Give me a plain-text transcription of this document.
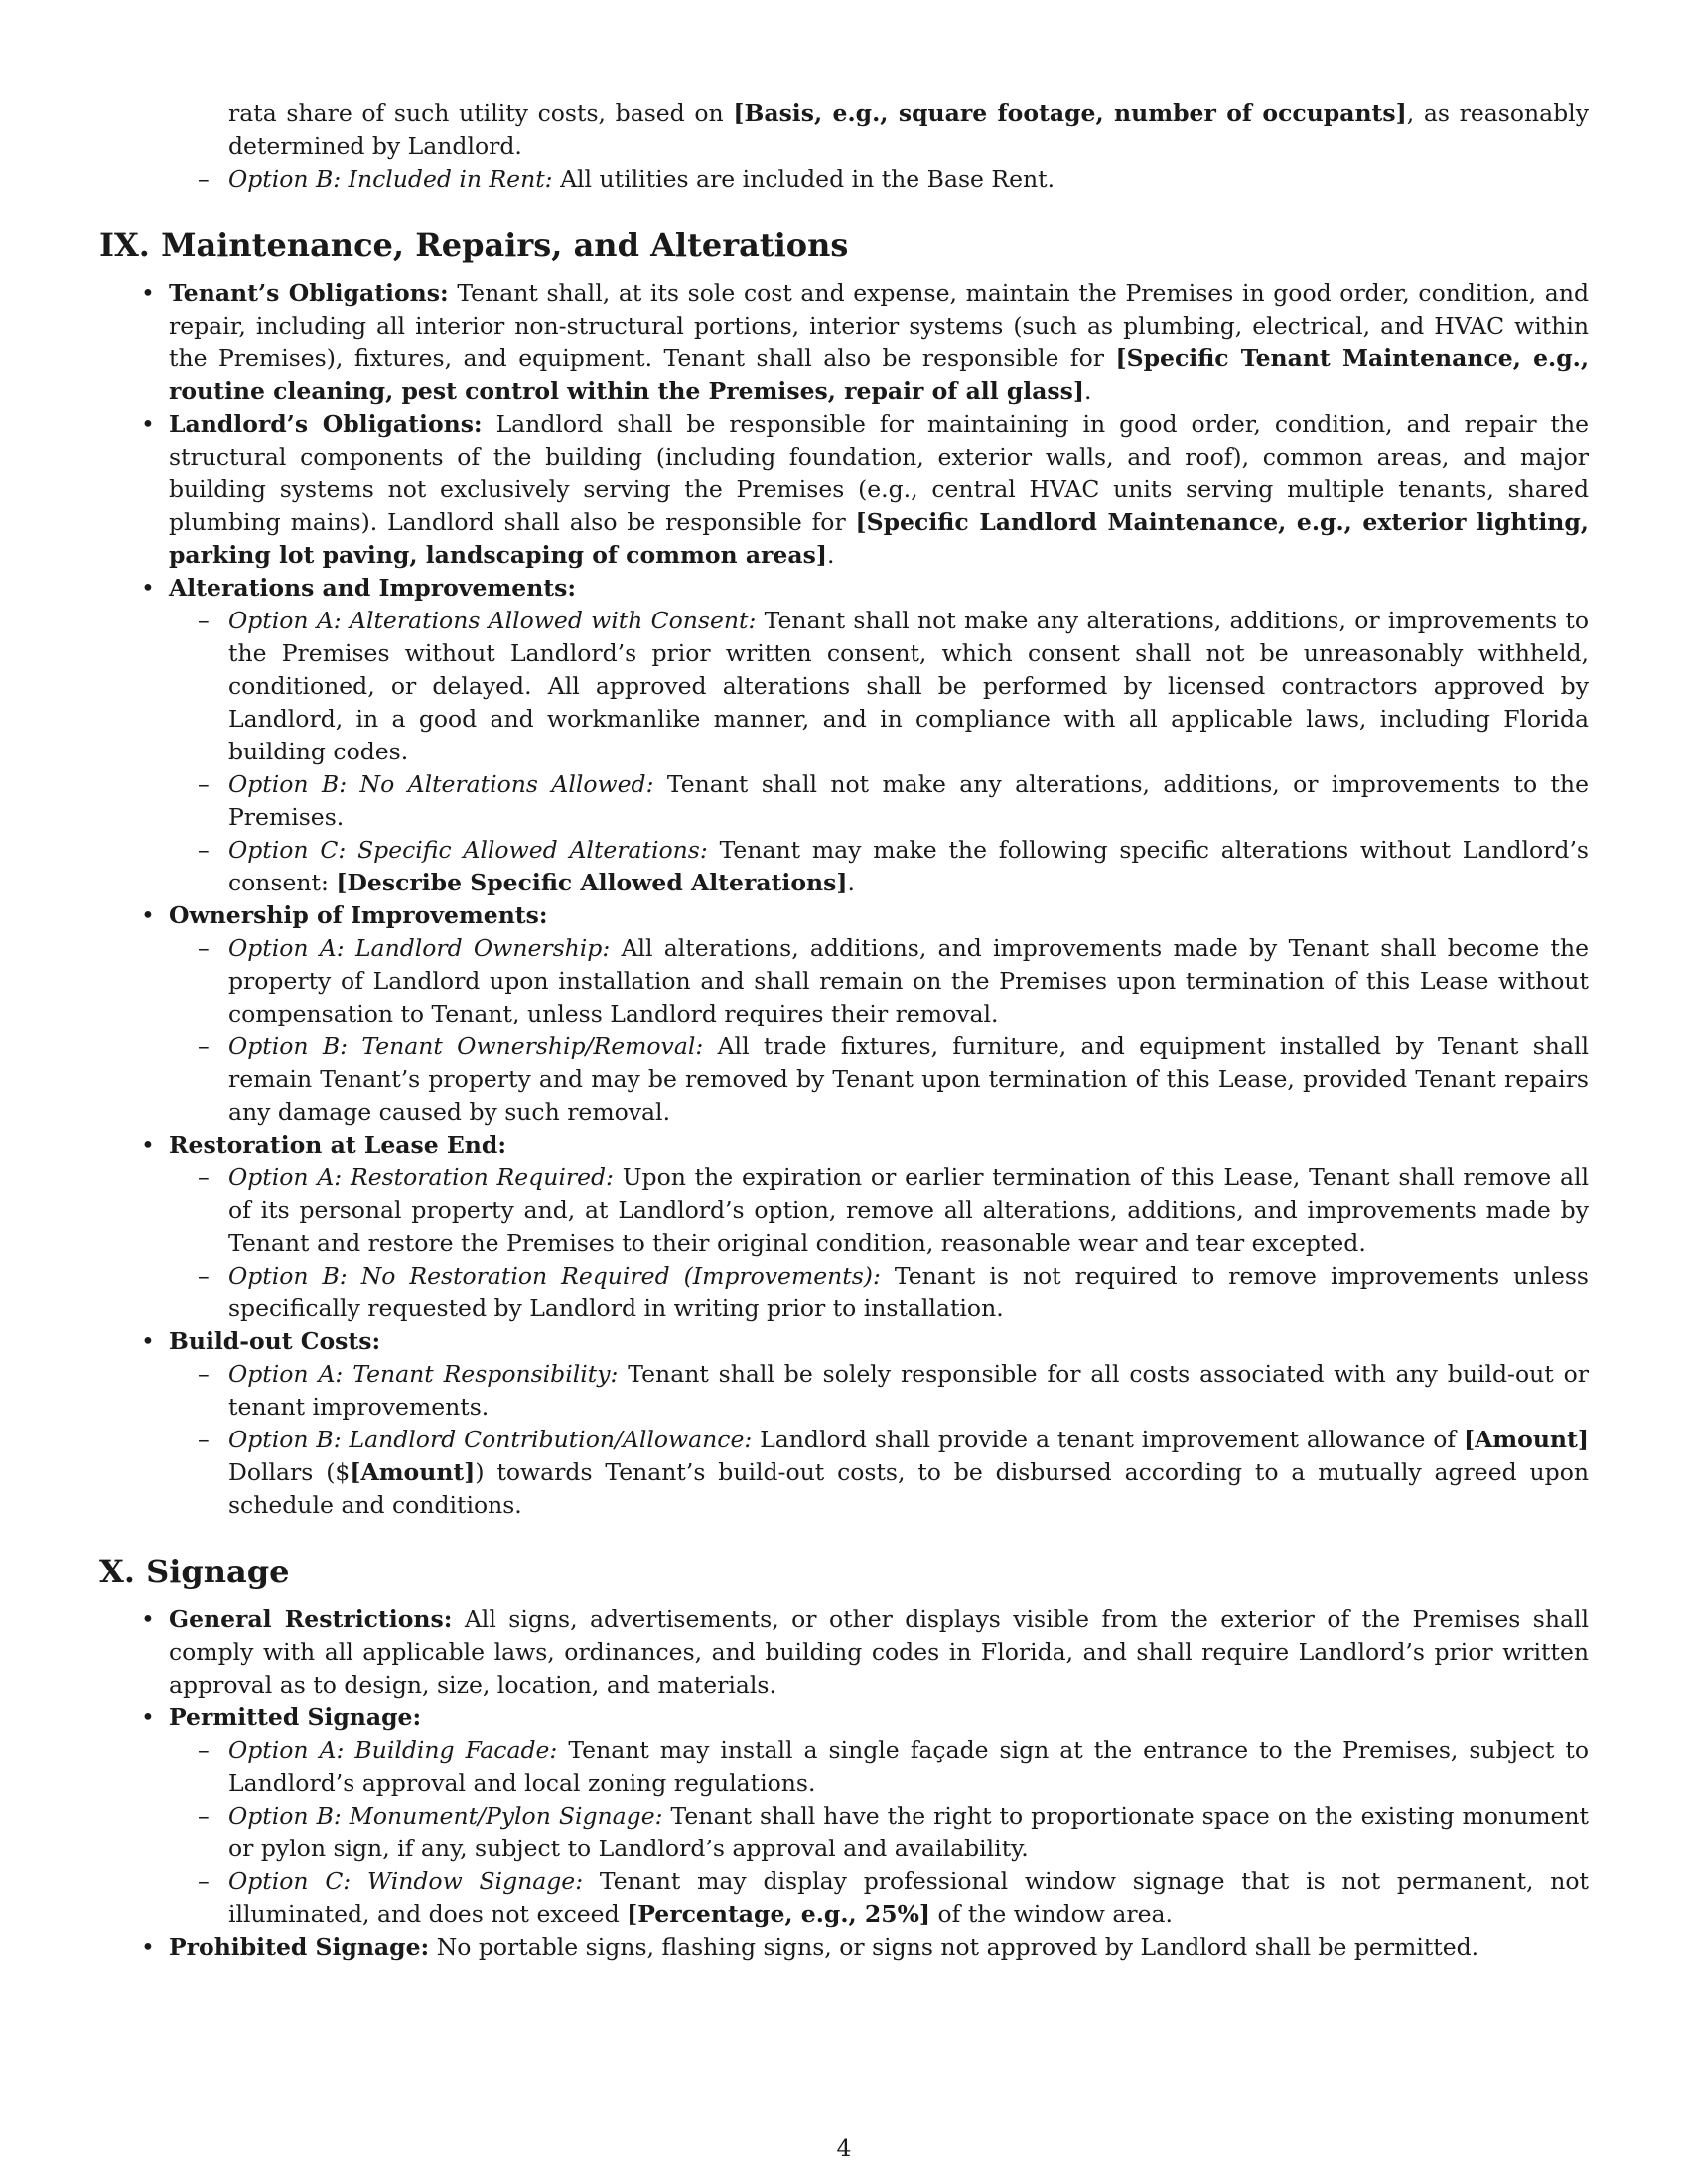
rata share of such utility costs, based on [Basis, e.g., square footage, number of occupants], as reasonably determined by Landlord.

– Option B: Included in Rent: All utilities are included in the Base Rent.

IX. Maintenance, Repairs, and Alterations

• Tenant’s Obligations: Tenant shall, at its sole cost and expense, maintain the Premises in good order, condition, and repair, including all interior non-structural portions, interior systems (such as plumbing, electrical, and HVAC within the Premises), fixtures, and equipment. Tenant shall also be responsible for [Specific Tenant Maintenance, e.g., routine cleaning, pest control within the Premises, repair of all glass].

• Landlord’s Obligations: Landlord shall be responsible for maintaining in good order, condition, and repair the structural components of the building (including foundation, exterior walls, and roof), common areas, and major building systems not exclusively serving the Premises (e.g., central HVAC units serving multiple tenants, shared plumbing mains). Landlord shall also be responsible for [Specific Landlord Maintenance, e.g., exterior lighting, parking lot paving, landscaping of common areas].

• Alterations and Improvements:

– Option A: Alterations Allowed with Consent: Tenant shall not make any alterations, additions, or improvements to the Premises without Landlord’s prior written consent, which consent shall not be unreasonably withheld, conditioned, or delayed. All approved alterations shall be performed by licensed contractors approved by Landlord, in a good and workmanlike manner, and in compliance with all applicable laws, including Florida building codes.

– Option B: No Alterations Allowed: Tenant shall not make any alterations, additions, or improvements to the Premises.

– Option C: Specific Allowed Alterations: Tenant may make the following specific alterations without Landlord’s consent: [Describe Specific Allowed Alterations].

• Ownership of Improvements:

– Option A: Landlord Ownership: All alterations, additions, and improvements made by Tenant shall become the property of Landlord upon installation and shall remain on the Premises upon termination of this Lease without compensation to Tenant, unless Landlord requires their removal.

– Option B: Tenant Ownership/Removal: All trade fixtures, furniture, and equipment installed by Tenant shall remain Tenant’s property and may be removed by Tenant upon termination of this Lease, provided Tenant repairs any damage caused by such removal.

• Restoration at Lease End:

– Option A: Restoration Required: Upon the expiration or earlier termination of this Lease, Tenant shall remove all of its personal property and, at Landlord’s option, remove all alterations, additions, and improvements made by Tenant and restore the Premises to their original condition, reasonable wear and tear excepted.

– Option B: No Restoration Required (Improvements): Tenant is not required to remove improvements unless specifically requested by Landlord in writing prior to installation.

• Build-out Costs:

– Option A: Tenant Responsibility: Tenant shall be solely responsible for all costs associated with any build-out or tenant improvements.

– Option B: Landlord Contribution/Allowance: Landlord shall provide a tenant improvement allowance of [Amount] Dollars ($[Amount]) towards Tenant’s build-out costs, to be disbursed according to a mutually agreed upon schedule and conditions.

X. Signage

• General Restrictions: All signs, advertisements, or other displays visible from the exterior of the Premises shall comply with all applicable laws, ordinances, and building codes in Florida, and shall require Landlord’s prior written approval as to design, size, location, and materials.

• Permitted Signage:

– Option A: Building Facade: Tenant may install a single façade sign at the entrance to the Premises, subject to Landlord’s approval and local zoning regulations.

– Option B: Monument/Pylon Signage: Tenant shall have the right to proportionate space on the existing monument or pylon sign, if any, subject to Landlord’s approval and availability.

– Option C: Window Signage: Tenant may display professional window signage that is not permanent, not illuminated, and does not exceed [Percentage, e.g., 25%] of the window area.

• Prohibited Signage: No portable signs, flashing signs, or signs not approved by Landlord shall be permitted.

4
